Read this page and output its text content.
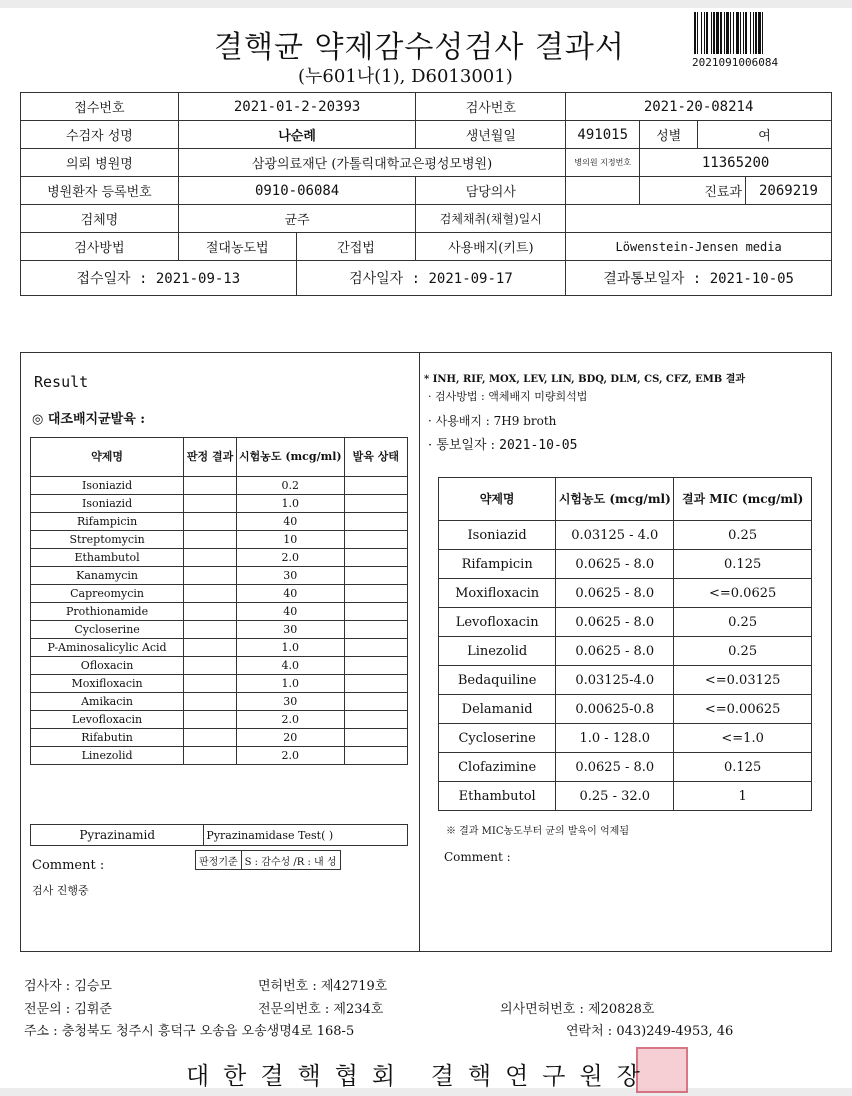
결핵균 약제감수성검사 결과서
(누601나(1), D6013001)
2021091006084
접수번호	2021-01-2-20393		검사번호	2021-20-08214			
수검자 성명	나순례		생년월일	491015	성별	여	
의뢰 병원명	삼광의료재단 (가톨릭대학교은평성모병원)			병의원 지정번호	11365200		
병원환자 등록번호	0910-06084		담당의사		진료과		2069219
검체명	균주		검체채취(채혈)일시				
검사방법	절대농도법	간접법	사용배지(키트)	Löwenstein-Jensen media			
접수일자 : 2021-09-13		검사일자 : 2021-09-17		결과통보일자 : 2021-10-05			
Result
◎ 대조배지균발육 :
약제명	판정 결과	시험농도 (mcg/ml)	발육 상태
Isoniazid		0.2	
Isoniazid		1.0	
Rifampicin		40	
Streptomycin		10	
Ethambutol		2.0	
Kanamycin		30	
Capreomycin		40	
Prothionamide		40	
Cycloserine		30	
P-Aminosalicylic Acid		1.0	
Ofloxacin		4.0	
Moxifloxacin		1.0	
Amikacin		30	
Levofloxacin		2.0	
Rifabutin		20	
Linezolid		2.0	
Pyrazinamid	Pyrazinamidase Test( )
판정기준	S : 감수성 /R : 내 성
Comment :
검사 진행중
* INH, RIF, MOX, LEV, LIN, BDQ, DLM, CS, CFZ, EMB 결과
· 검사방법 : 액체배지 미량희석법
· 사용배지 : 7H9 broth
· 통보일자 : 2021-10-05
약제명	시험농도 (mcg/ml)	결과 MIC (mcg/ml)
Isoniazid	0.03125 - 4.0	0.25
Rifampicin	0.0625 - 8.0	0.125
Moxifloxacin	0.0625 - 8.0	<=0.0625
Levofloxacin	0.0625 - 8.0	0.25
Linezolid	0.0625 - 8.0	0.25
Bedaquiline	0.03125-4.0	<=0.03125
Delamanid	0.00625-0.8	<=0.00625
Cycloserine	1.0 - 128.0	<=1.0
Clofazimine	0.0625 - 8.0	0.125
Ethambutol	0.25 - 32.0	1
※ 결과 MIC농도부터 균의 발육이 억제됨
Comment :
검사자 : 김승모	면허번호 : 제42719호
전문의 : 김휘준	전문의번호 : 제234호	의사면허번호 : 제20828호
주소 : 충청북도 청주시 흥덕구 오송읍 오송생명4로 168-5	연락처 : 043)249-4953, 46
대한결핵협회 결핵연구원장
